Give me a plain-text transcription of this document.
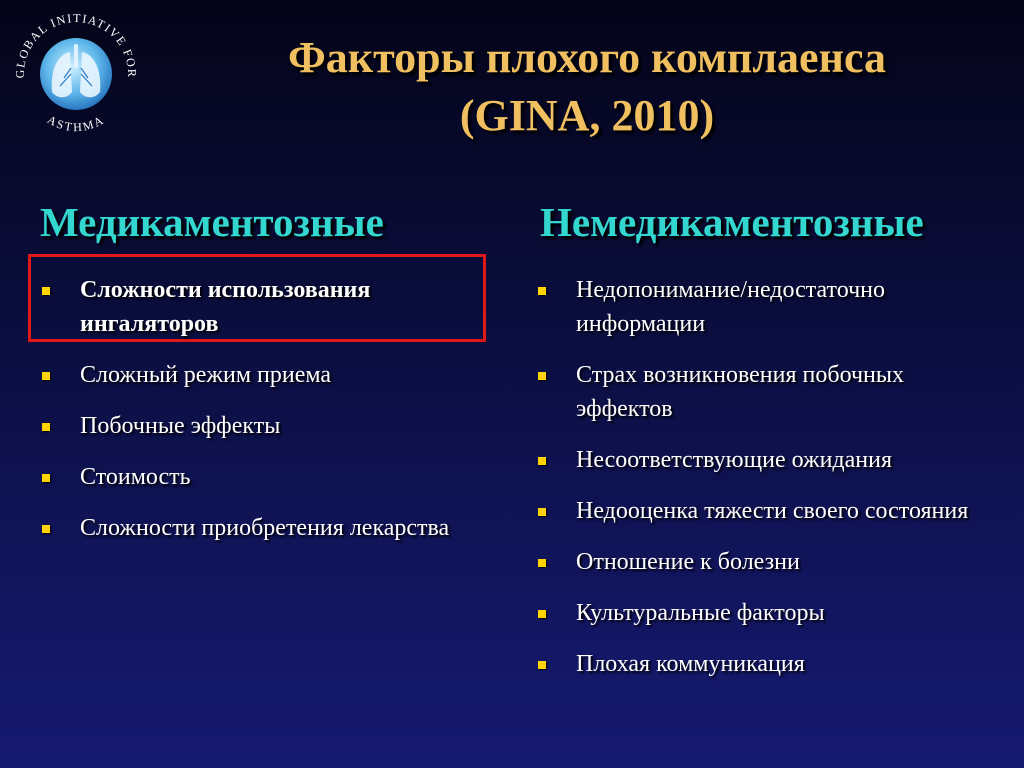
GLOBAL INITIATIVE FOR
ASTHMA
Факторы плохого комплаенса
(GINA, 2010)
Медикаментозные	Немедикаментозные
Сложности использования ингаляторов
Сложный режим приема
Побочные эффекты
Стоимость
Сложности приобретения лекарства
Недопонимание/недостаточно информации
Страх возникновения побочных эффектов
Несоответствующие ожидания
Недооценка тяжести своего состояния
Отношение к болезни
Культуральные факторы
Плохая коммуникация
